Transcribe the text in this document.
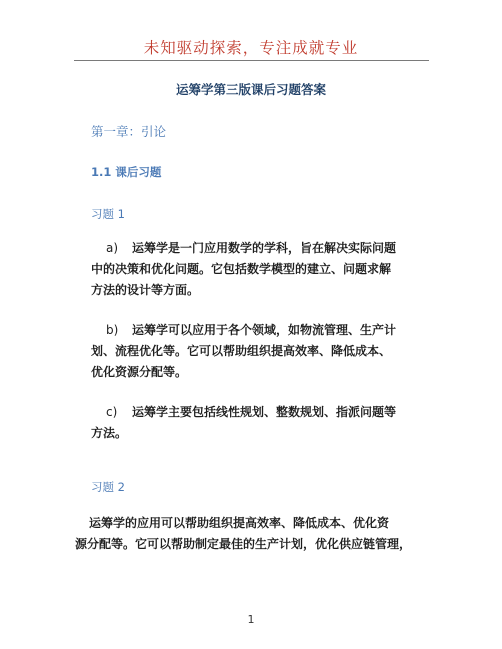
未知驱动探索，专注成就专业
运筹学第三版课后习题答案
第一章：引论
1.1 课后习题
习题 1
a) 运筹学是一门应用数学的学科，旨在解决实际问题
中的决策和优化问题。它包括数学模型的建立、问题求解
方法的设计等方面。
b) 运筹学可以应用于各个领域，如物流管理、生产计
划、流程优化等。它可以帮助组织提高效率、降低成本、
优化资源分配等。
c) 运筹学主要包括线性规划、整数规划、指派问题等
方法。
习题 2
运筹学的应用可以帮助组织提高效率、降低成本、优化资
源分配等。它可以帮助制定最佳的生产计划，优化供应链管理，
1
